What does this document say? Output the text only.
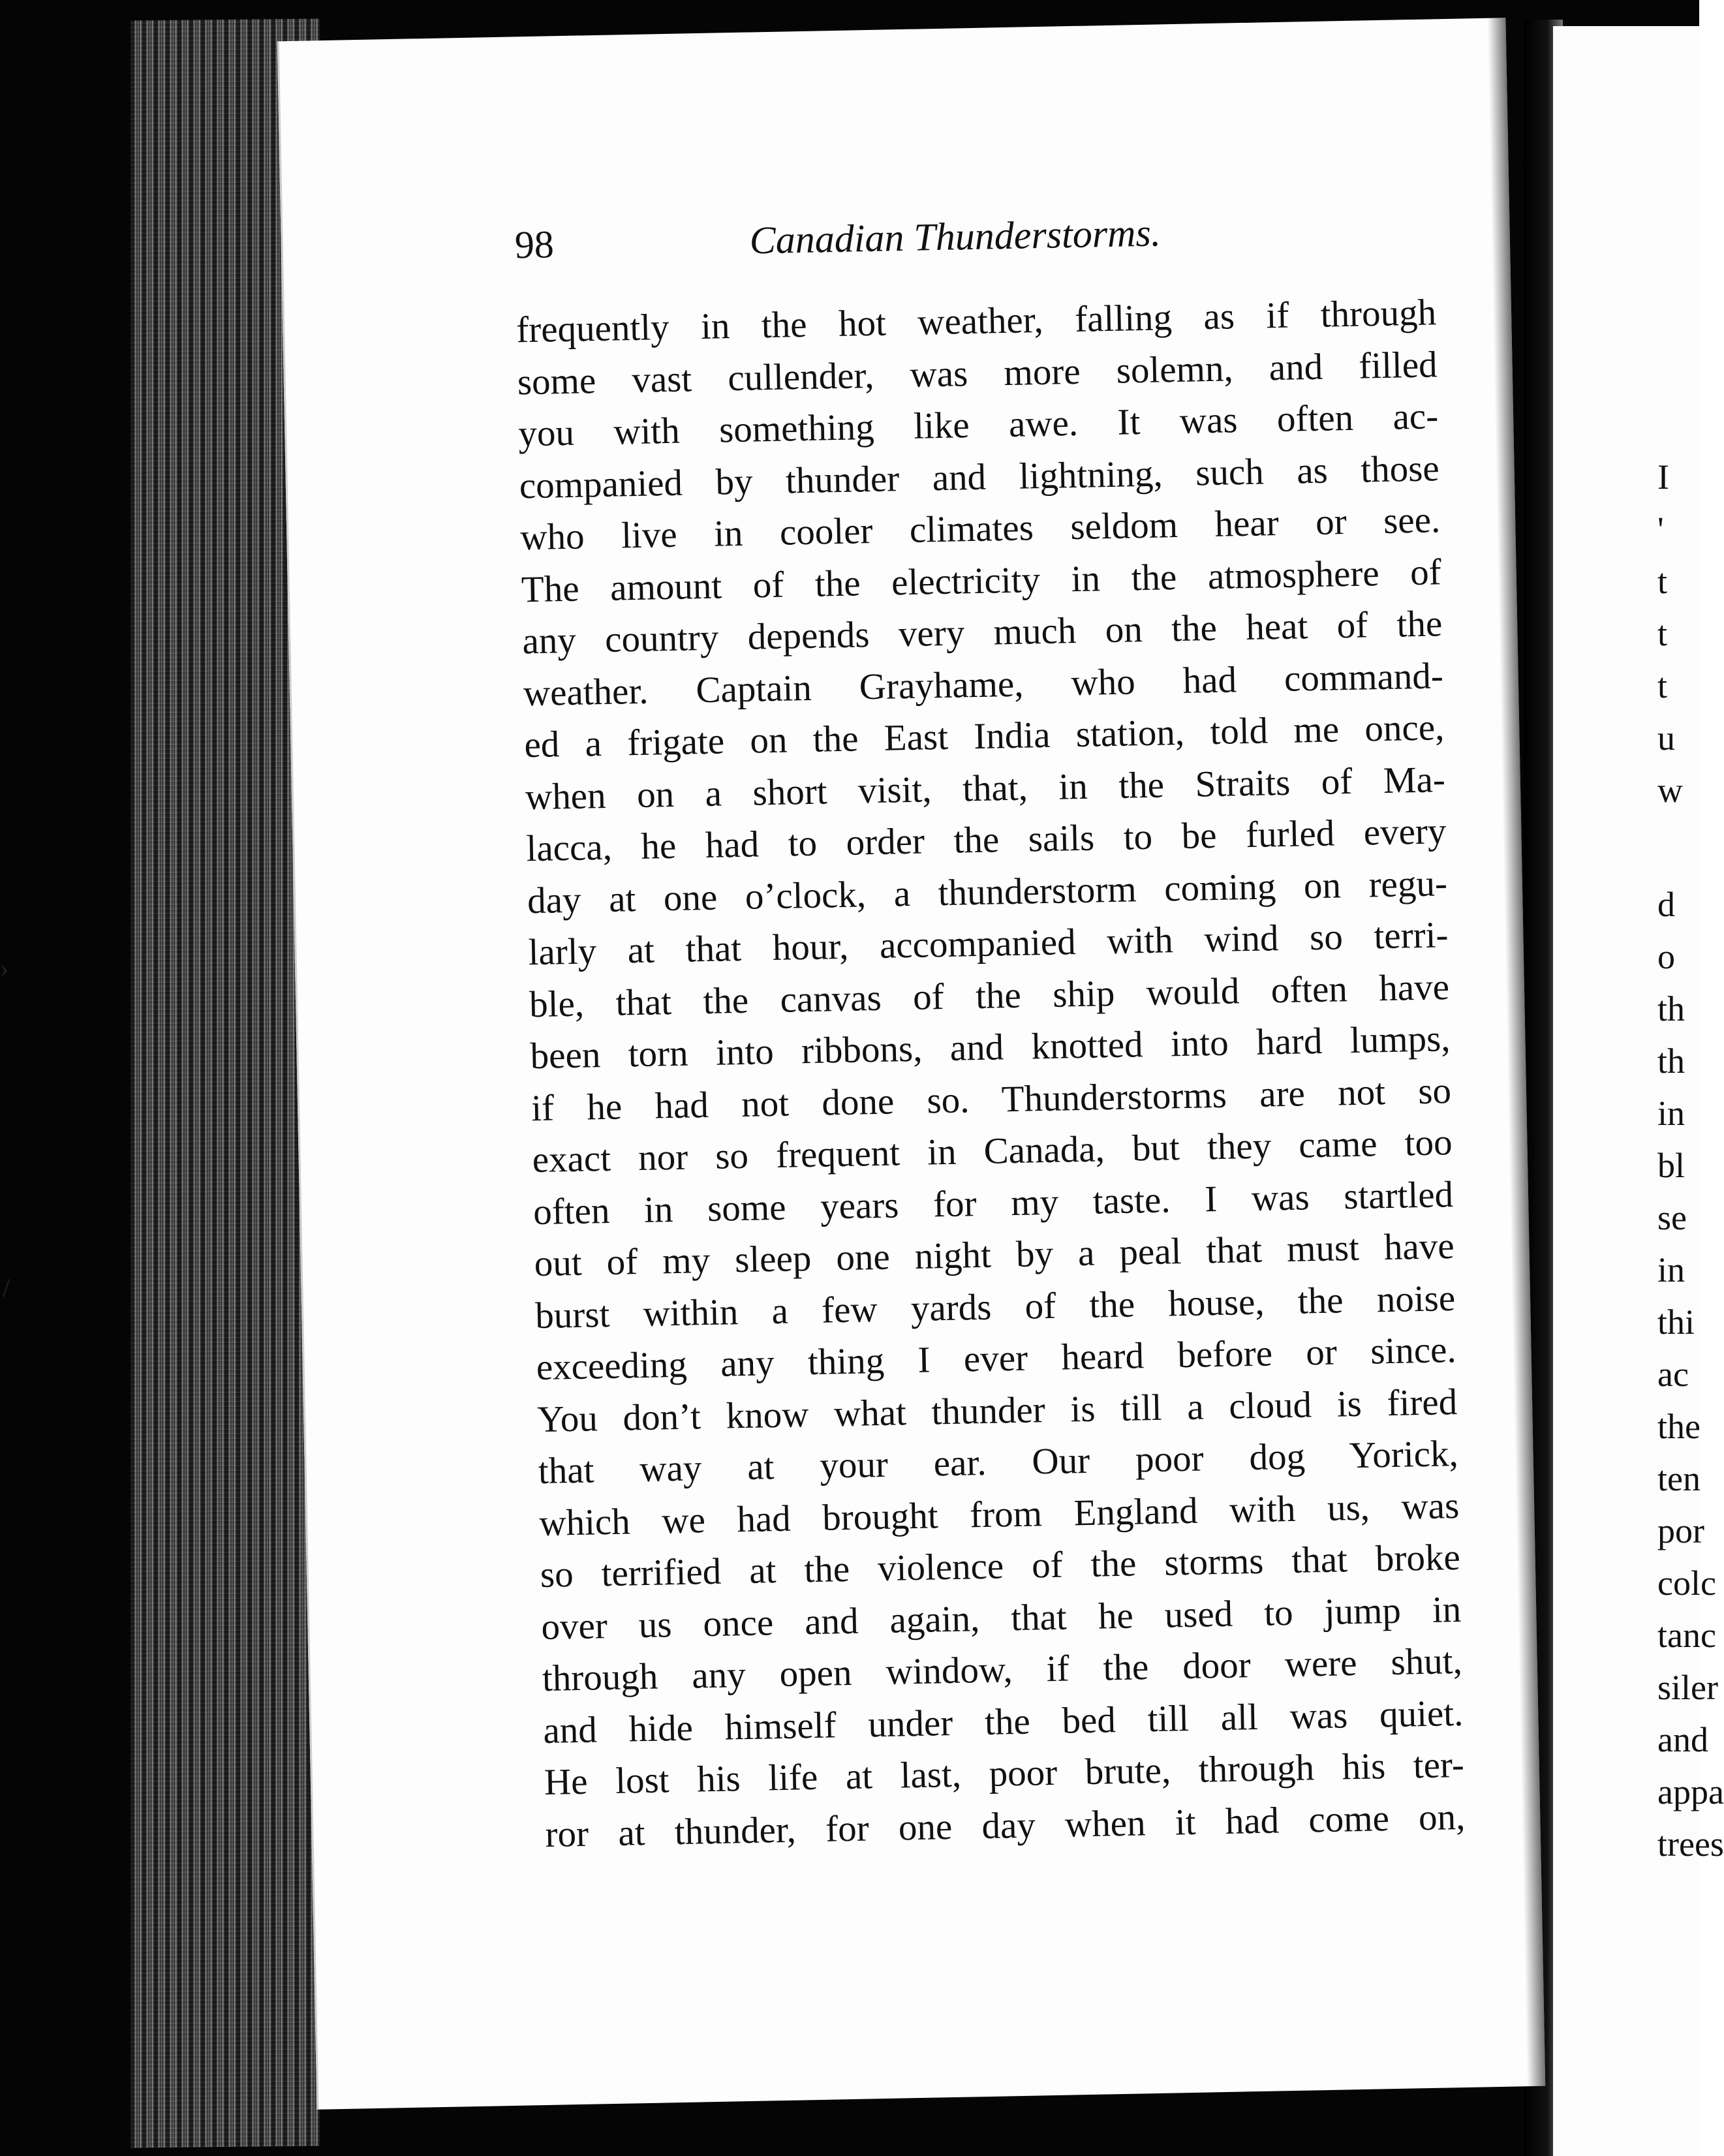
98	Canadian Thunderstorms.
frequently in the hot weather, falling as if through
some vast cullender, was more solemn, and filled
you with something like awe. It was often ac-
companied by thunder and lightning, such as those
who live in cooler climates seldom hear or see.
The amount of the electricity in the atmosphere of
any country depends very much on the heat of the
weather. Captain Grayhame, who had command-
ed a frigate on the East India station, told me once,
when on a short visit, that, in the Straits of Ma-
lacca, he had to order the sails to be furled every
day at one o’clock, a thunderstorm coming on regu-
larly at that hour, accompanied with wind so terri-
ble, that the canvas of the ship would often have
been torn into ribbons, and knotted into hard lumps,
if he had not done so. Thunderstorms are not so
exact nor so frequent in Canada, but they came too
often in some years for my taste. I was startled
out of my sleep one night by a peal that must have
burst within a few yards of the house, the noise
exceeding any thing I ever heard before or since.
You don’t know what thunder is till a cloud is fired
that way at your ear. Our poor dog Yorick,
which we had brought from England with us, was
so terrified at the violence of the storms that broke
over us once and again, that he used to jump in
through any open window, if the door were shut,
and hide himself under the bed till all was quiet.
He lost his life at last, poor brute, through his ter-
ror at thunder, for one day when it had come on,
I
'
t
t
t
u
w
d
o
th
th
in
bl
se
in
thi
ac
the
ten
por
colc
tanc
siler
and
appa
trees
›
/
